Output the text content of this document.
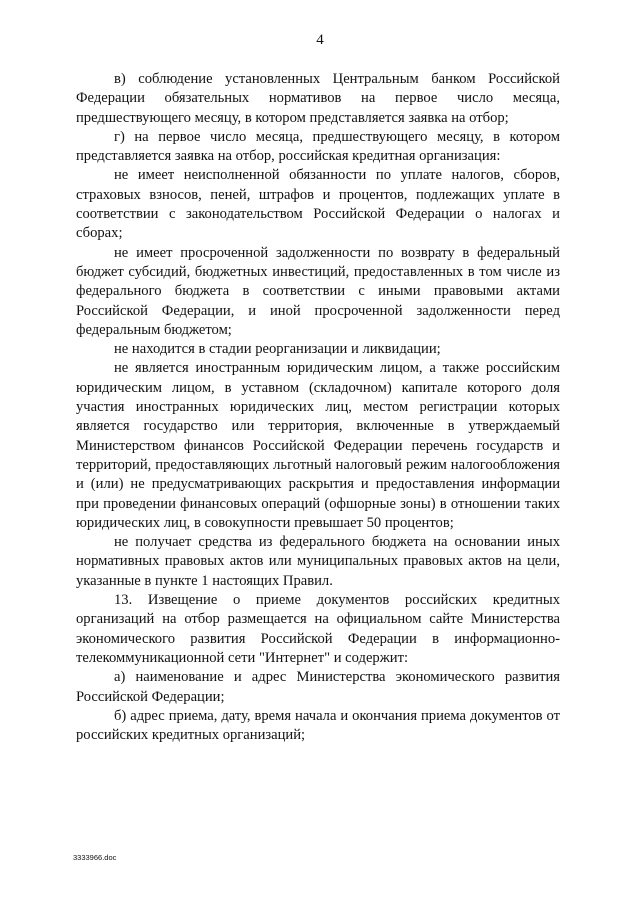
4

в) соблюдение установленных Центральным банком Российской Федерации обязательных нормативов на первое число месяца, предшествующего месяцу, в котором представляется заявка на отбор;

г) на первое число месяца, предшествующего месяцу, в котором представляется заявка на отбор, российская кредитная организация:

не имеет неисполненной обязанности по уплате налогов, сборов, страховых взносов, пеней, штрафов и процентов, подлежащих уплате в соответствии с законодательством Российской Федерации о налогах и сборах;

не имеет просроченной задолженности по возврату в федеральный бюджет субсидий, бюджетных инвестиций, предоставленных в том числе из федерального бюджета в соответствии с иными правовыми актами Российской Федерации, и иной просроченной задолженности перед федеральным бюджетом;

не находится в стадии реорганизации и ликвидации;

не является иностранным юридическим лицом, а также российским юридическим лицом, в уставном (складочном) капитале которого доля участия иностранных юридических лиц, местом регистрации которых является государство или территория, включенные в утверждаемый Министерством финансов Российской Федерации перечень государств и территорий, предоставляющих льготный налоговый режим налогообложения и (или) не предусматривающих раскрытия и предоставления информации при проведении финансовых операций (офшорные зоны) в отношении таких юридических лиц, в совокупности превышает 50 процентов;

не получает средства из федерального бюджета на основании иных нормативных правовых актов или муниципальных правовых актов на цели, указанные в пункте 1 настоящих Правил.

13. Извещение о приеме документов российских кредитных организаций на отбор размещается на официальном сайте Министерства экономического развития Российской Федерации в информационно-телекоммуникационной сети "Интернет" и содержит:

а) наименование и адрес Министерства экономического развития Российской Федерации;

б) адрес приема, дату, время начала и окончания приема документов от российских кредитных организаций;

3333966.doc
